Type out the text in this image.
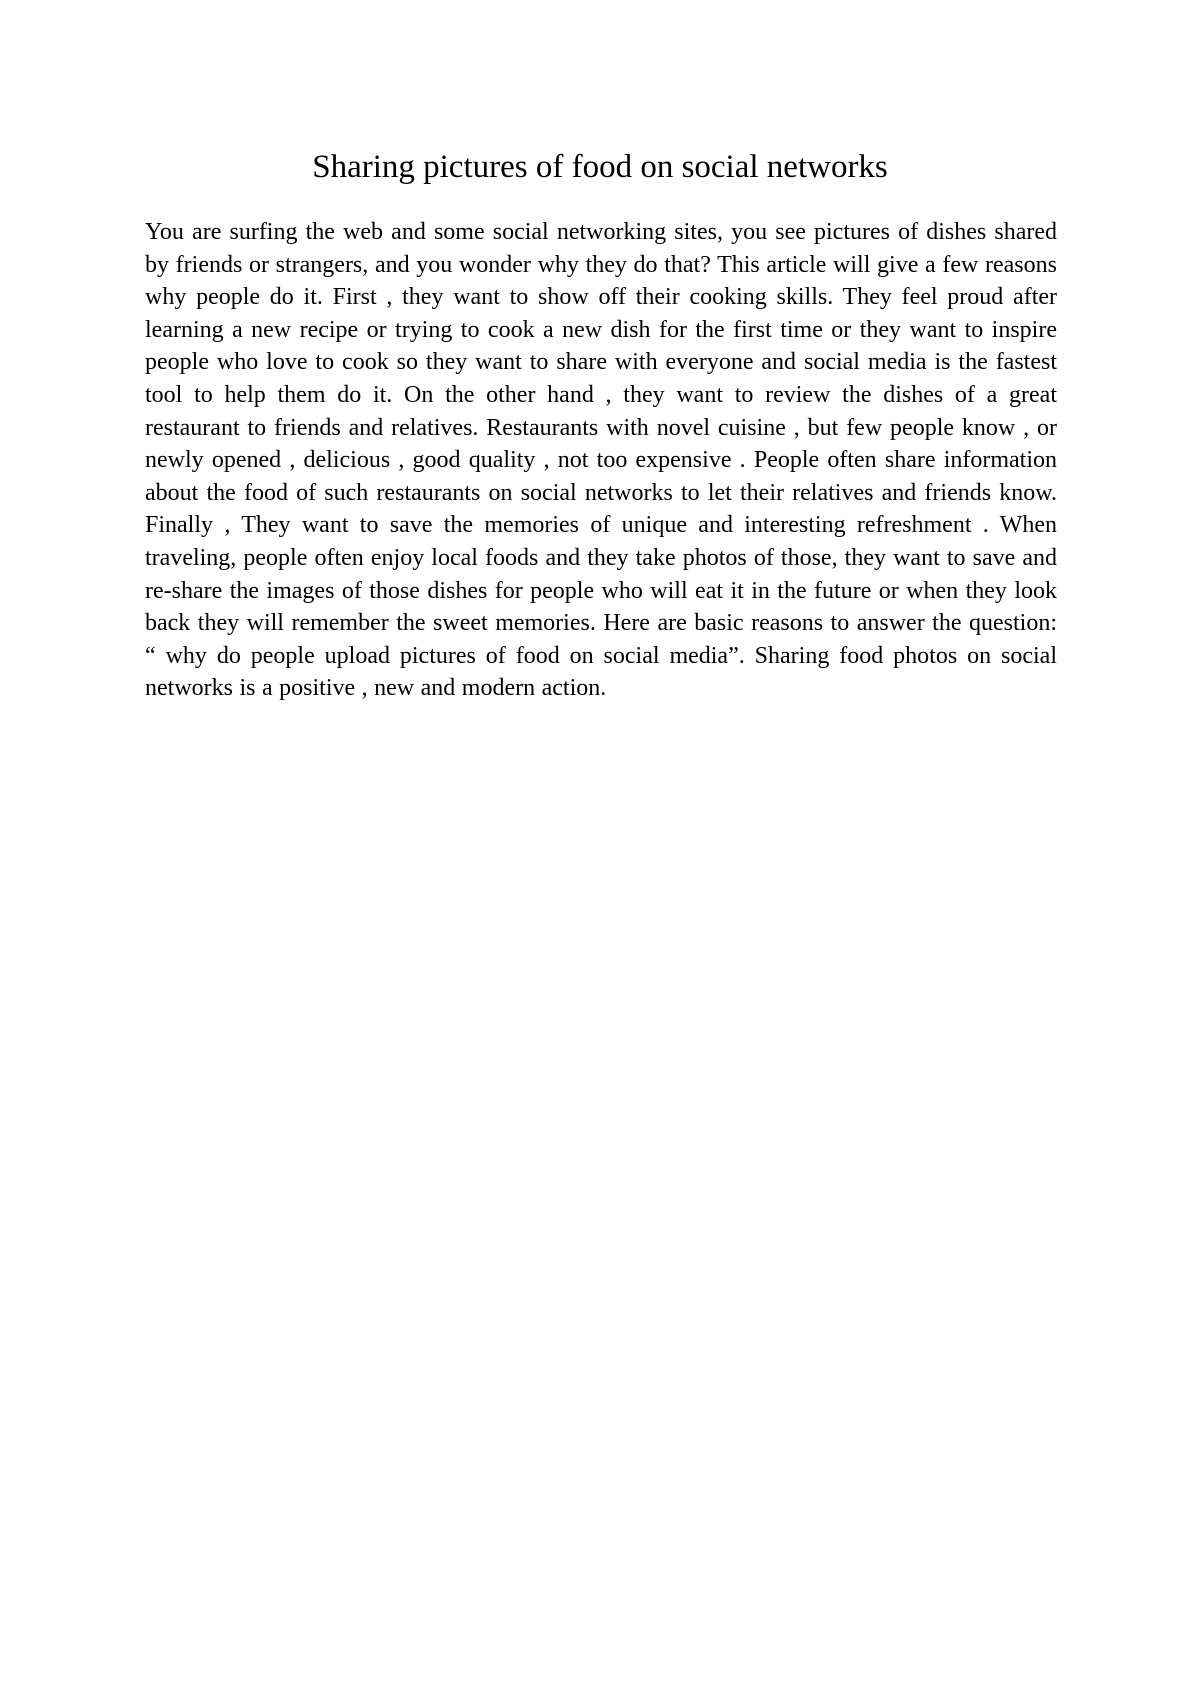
Sharing pictures of food on social networks

You are surfing the web and some social networking sites, you see pictures of dishes shared by friends or strangers, and you wonder why they do that? This article will give a few reasons why people do it. First , they want to show off their cooking skills. They feel proud after learning a new recipe or trying to cook a new dish for the first time or they want to inspire people who love to cook so they want to share with everyone and social media is the fastest tool to help them do it. On the other hand , they want to review the dishes of a great restaurant to friends and relatives. Restaurants with novel cuisine , but few people know , or newly opened , delicious , good quality , not too expensive . People often share information about the food of such restaurants on social networks to let their relatives and friends know. Finally , They want to save the memories of unique and interesting refreshment . When traveling, people often enjoy local foods and they take photos of those, they want to save and re-share the images of those dishes for people who will eat it in the future or when they look back they will remember the sweet memories. Here are basic reasons to answer the question: “ why do people upload pictures of food on social media”. Sharing food photos on social networks is a positive , new and modern action.
